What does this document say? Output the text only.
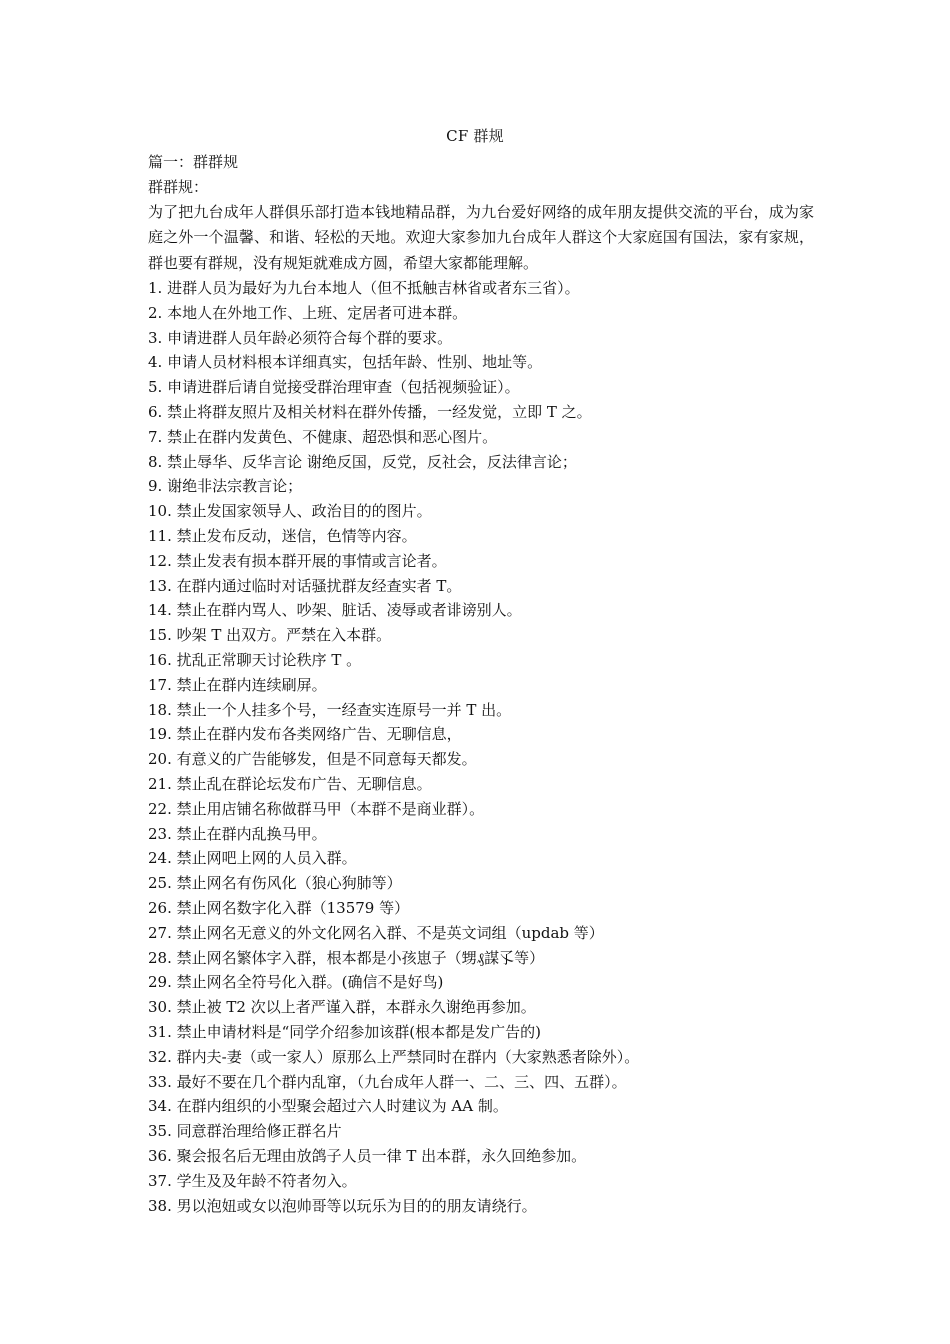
CF 群规
篇一：群群规
群群规：
为了把九台成年人群俱乐部打造本钱地精品群，为九台爱好网络的成年朋友提供交流的平台，成为家庭之外一个温馨、和谐、轻松的天地。欢迎大家参加九台成年人群这个大家庭国有国法，家有家规，群也要有群规，没有规矩就难成方圆，希望大家都能理解。
1. 进群人员为最好为九台本地人（但不抵触吉林省或者东三省）。
2. 本地人在外地工作、上班、定居者可进本群。
3. 申请进群人员年龄必须符合每个群的要求。
4. 申请人员材料根本详细真实，包括年龄、性别、地址等。
5. 申请进群后请自觉接受群治理审查（包括视频验证）。
6. 禁止将群友照片及相关材料在群外传播，一经发觉，立即 T 之。
7. 禁止在群内发黄色、不健康、超恐惧和恶心图片。
8. 禁止辱华、反华言论 谢绝反国，反党，反社会，反法律言论；
9. 谢绝非法宗教言论；
10. 禁止发国家领导人、政治目的的图片。
11. 禁止发布反动，迷信，色情等内容。
12. 禁止发表有损本群开展的事情或言论者。
13. 在群内通过临时对话骚扰群友经查实者 T。
14. 禁止在群内骂人、吵架、脏话、凌辱或者诽谤别人。
15. 吵架 T 出双方。严禁在入本群。
16. 扰乱正常聊天讨论秩序 T 。
17. 禁止在群内连续刷屏。
18. 禁止一个人挂多个号，一经查实连原号一并 T 出。
19. 禁止在群内发布各类网络广告、无聊信息，
20. 有意义的广告能够发，但是不同意每天都发。
21. 禁止乱在群论坛发布广告、无聊信息。
22. 禁止用店铺名称做群马甲（本群不是商业群）。
23. 禁止在群内乱换马甲。
24. 禁止网吧上网的人员入群。
25. 禁止网名有伤风化（狼心狗肺等）
26. 禁止网名数字化入群（13579 等）
27. 禁止网名无意义的外文化网名入群、不是英文词组（updab 等）
28. 禁止网名繁体字入群，根本都是小孩崽子（甥₰謀孓等）
29. 禁止网名全符号化入群。(确信不是好鸟)
30. 禁止被 T2 次以上者严谨入群，本群永久谢绝再参加。
31. 禁止申请材料是“同学介绍参加该群(根本都是发广告的)
32. 群内夫-妻（或一家人）原那么上严禁同时在群内（大家熟悉者除外）。
33. 最好不要在几个群内乱窜，（九台成年人群一、二、三、四、五群）。
34. 在群内组织的小型聚会超过六人时建议为 AA 制。
35. 同意群治理给修正群名片
36. 聚会报名后无理由放鸽子人员一律 T 出本群，永久回绝参加。
37. 学生及及年龄不符者勿入。
38. 男以泡妞或女以泡帅哥等以玩乐为目的的朋友请绕行。
